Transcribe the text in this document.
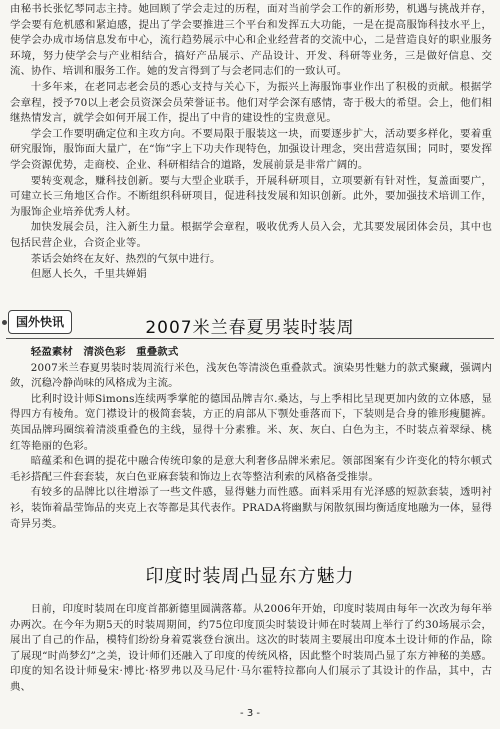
由秘书长张忆琴同志主持。她回顾了学会走过的历程，面对当前学会工作的新形势，机遇与挑战并存，学会要有危机感和紧迫感，提出了学会要推进三个平台和发挥五大功能，一是在提高服饰科技水平上，使学会办成市场信息发布中心，流行趋势展示中心和企业经营者的交流中心，二是营造良好的职业服务环境，努力使学会与产业相结合，搞好产品展示、产品设计、开发、科研等业务，三是做好信息、交流、协作、培训和服务工作。她的发言得到了与会老同志们的一致认可。

十多年来，在老同志老会员的悉心支持与关心下，为振兴上海服饰事业作出了积极的贡献。根据学会章程，授予70以上老会员资深会员荣誉证书。他们对学会深有感情，寄于极大的希望。会上，他们相继热情发言，就学会如何开展工作，提出了中肯的建设性的宝贵意见。

学会工作要明确定位和主攻方向。不要局限于服装这一块，而要逐步扩大，活动要多样化，要着重研究服饰，服饰面大量广，在“饰”字上下功夫作现特色，加强设计理念，突出营造氛围；同时，要发挥学会资源优势，走商校、企业、科研相结合的道路，发展前景是非常广阔的。

要转变观念，赚科技创新。要与大型企业联手，开展科研项目，立项要新有针对性，复盖面要广，可建立长三角地区合作。不断组织科研项目，促进科技发展和知识创新。此外，要加强技术培训工作，为服饰企业培养优秀人材。

加快发展会员，注入新生力量。根据学会章程，吸收优秀人员入会，尤其要发展团体会员，其中也包括民营企业，合资企业等。

茶话会始终在友好、热烈的气氛中进行。

但愿人长久，千里共婵娟

国外快讯	2007米兰春夏男装时装周

轻盈素材　清淡色彩　重叠款式

2007米兰春夏男装时装周流行米色，浅灰色等清淡色重叠款式。演染男性魅力的款式聚藏，强调内敛，沉稳冷静尚味的风格成为主流。

比利时设计师Simons连续两季掌舵的德国品牌吉尔.桑达，与上季相比呈现更加内敛的立体感，显得四方有棱角。宽门襟设计的极简套装，方正的肩部从下颚处垂落而下，下装则是合身的锥形瘦腿裤。英国品牌玛圈缤着清淡重叠色的主线，显得十分素雅。米、灰、灰白、白色为主，不时装点着翠绿、桃红等艳丽的色彩。

暗蕴柔和色调的提花中融合传统印象的是意大利奢侈品牌米索尼。领部图案有少许变化的特尔顿式毛衫搭配三件套套装，灰白色亚麻套装和饰边上衣等整洁利索的风格备受推崇。

有较多的品牌比以往增添了一些文件感，显得魅力而性感。面料采用有光泽感的短款套装，透明衬衫，装饰着晶莹饰品的夹克上衣等都是其代表作。PRADA将幽默与闲散氛围均衡适度地融为一体，显得奇异另类。

印度时装周凸显东方魅力

日前，印度时装周在印度首都新德里圆满落幕。从2006年开始，印度时装周由每年一次改为每年举办两次。在今年为期5天的时装周期间，约75位印度顶尖时装设计师在时装周上举行了约30场展示会，展出了自己的作品，模特们纷纷身着霓裳登台演出。这次的时装周主要展出印度本土设计师的作品，除了展现“时尚梦幻”之美，设计师们还融入了印度的传统风格，因此整个时装周凸显了东方神秘的美感。印度的知名设计师曼宋·博比·格罗弗以及马尼什·马尔霍特拉都向人们展示了其设计的作品，其中，古典、

- 3 -
